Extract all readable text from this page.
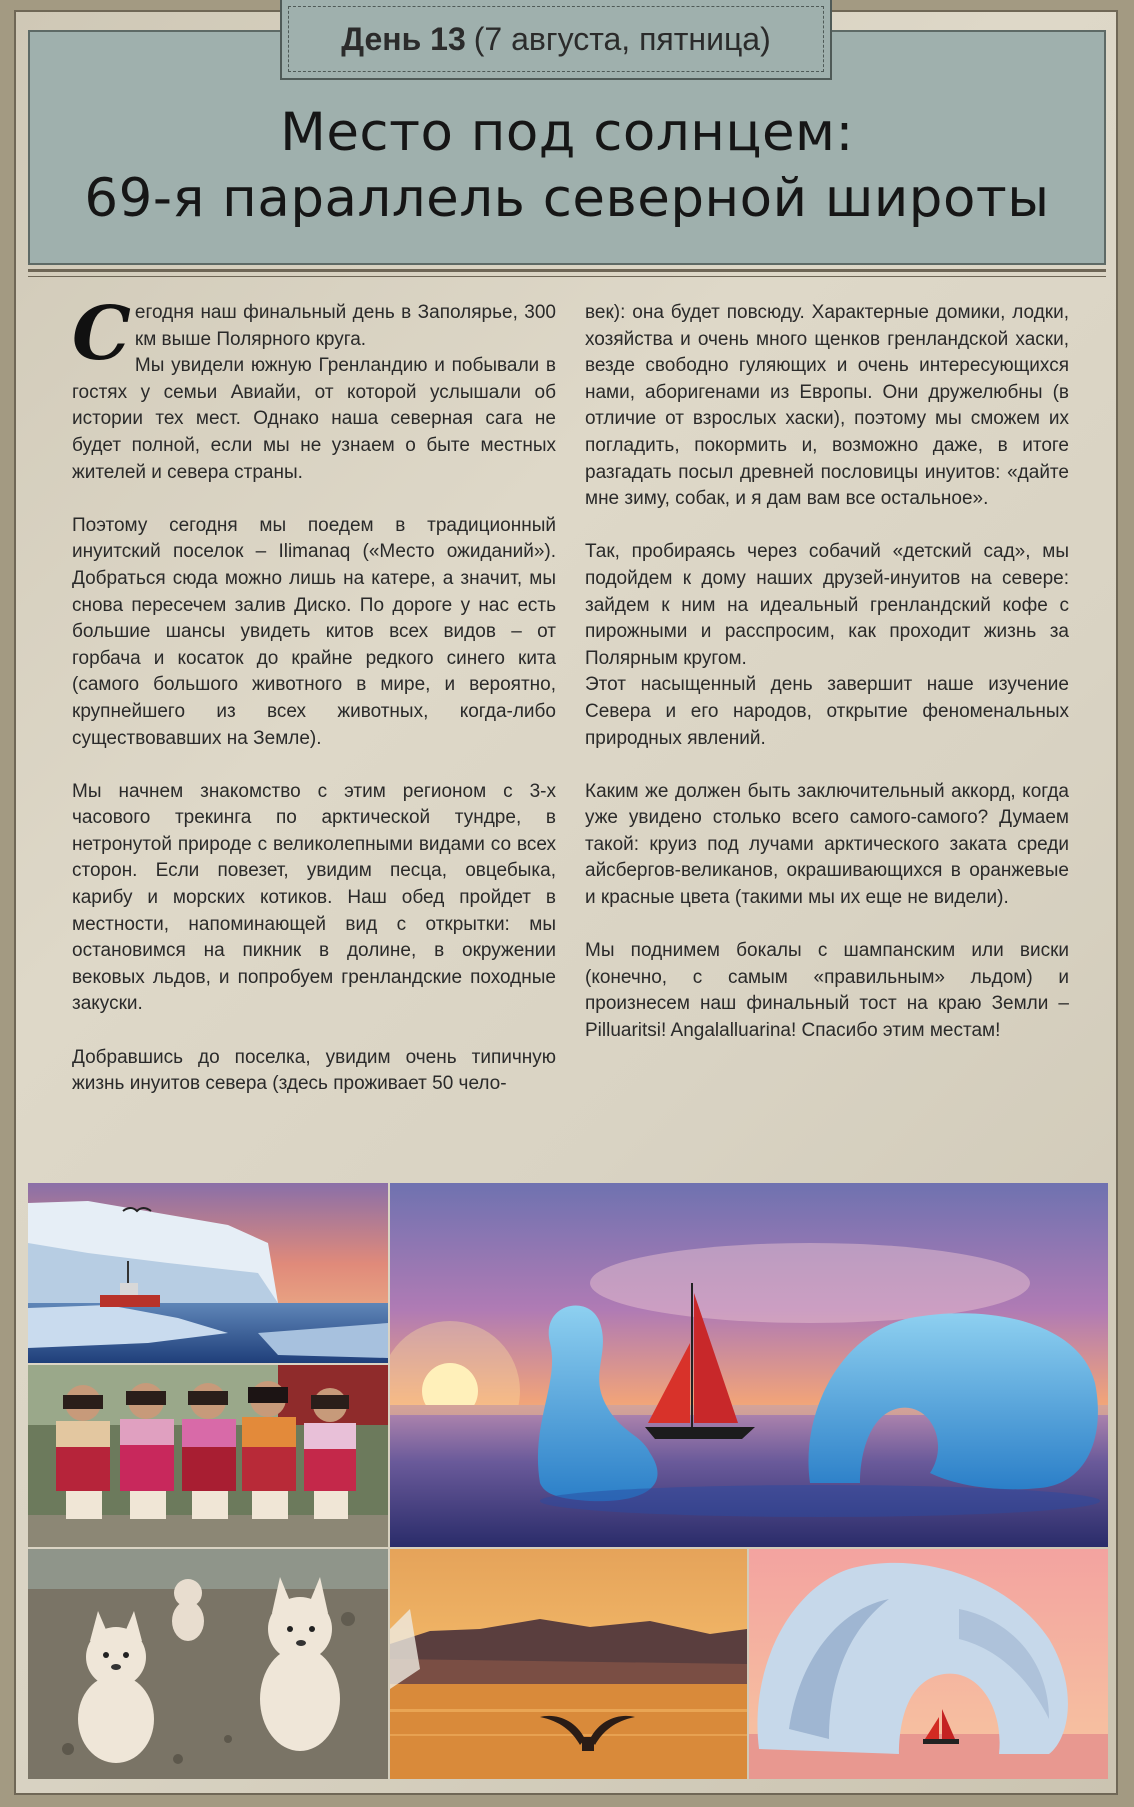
День 13 (7 августа, пятница)
Место под солнцем:
69-я параллель северной широты

Сегодня наш финальный день в Заполярье, 300 км выше Полярного круга.

Мы увидели южную Гренландию и побывали в гостях у семьи Авиайи, от которой услышали об истории тех мест. Однако наша северная сага не будет полной, если мы не узнаем о быте местных жителей и севера страны.

Поэтому сегодня мы поедем в традиционный инуитский поселок – Ilimanaq («Место ожиданий»). Добраться сюда можно лишь на катере, а значит, мы снова пересечем залив Диско. По дороге у нас есть большие шансы увидеть китов всех видов – от горбача и косаток до крайне редкого синего кита (самого большого животного в мире, и вероятно, крупнейшего из всех животных, когда-либо существовавших на Земле).

Мы начнем знакомство с этим регионом с 3-х часового трекинга по арктической тундре, в нетронутой природе с великолепными видами со всех сторон. Если повезет, увидим песца, овцебыка, карибу и морских котиков. Наш обед пройдет в местности, напоминающей вид с открытки: мы остановимся на пикник в долине, в окружении вековых льдов, и попробуем гренландские походные закуски.

Добравшись до поселка, увидим очень типичную жизнь инуитов севера (здесь проживает 50 чело-

век): она будет повсюду. Характерные домики, лодки, хозяйства и очень много щенков гренландской хаски, везде свободно гуляющих и очень интересующихся нами, аборигенами из Европы. Они дружелюбны (в отличие от взрослых хаски), поэтому мы сможем их погладить, покормить и, возможно даже, в итоге разгадать посыл древней пословицы инуитов: «дайте мне зиму, собак, и я дам вам все остальное».

Так, пробираясь через собачий «детский сад», мы подойдем к дому наших друзей-инуитов на севере: зайдем к ним на идеальный гренландский кофе с пирожными и расспросим, как проходит жизнь за Полярным кругом.

Этот насыщенный день завершит наше изучение Севера и его народов, открытие феноменальных природных явлений.

Каким же должен быть заключительный аккорд, когда уже увидено столько всего самого-самого? Думаем такой: круиз под лучами арктического заката среди айсбергов-великанов, окрашивающихся в оранжевые и красные цвета (такими мы их еще не видели).

Мы поднимем бокалы с шампанским или виски (конечно, с самым «правильным» льдом) и произнесем наш финальный тост на краю Земли – Pilluaritsi! Angalalluarina! Спасибо этим местам!
